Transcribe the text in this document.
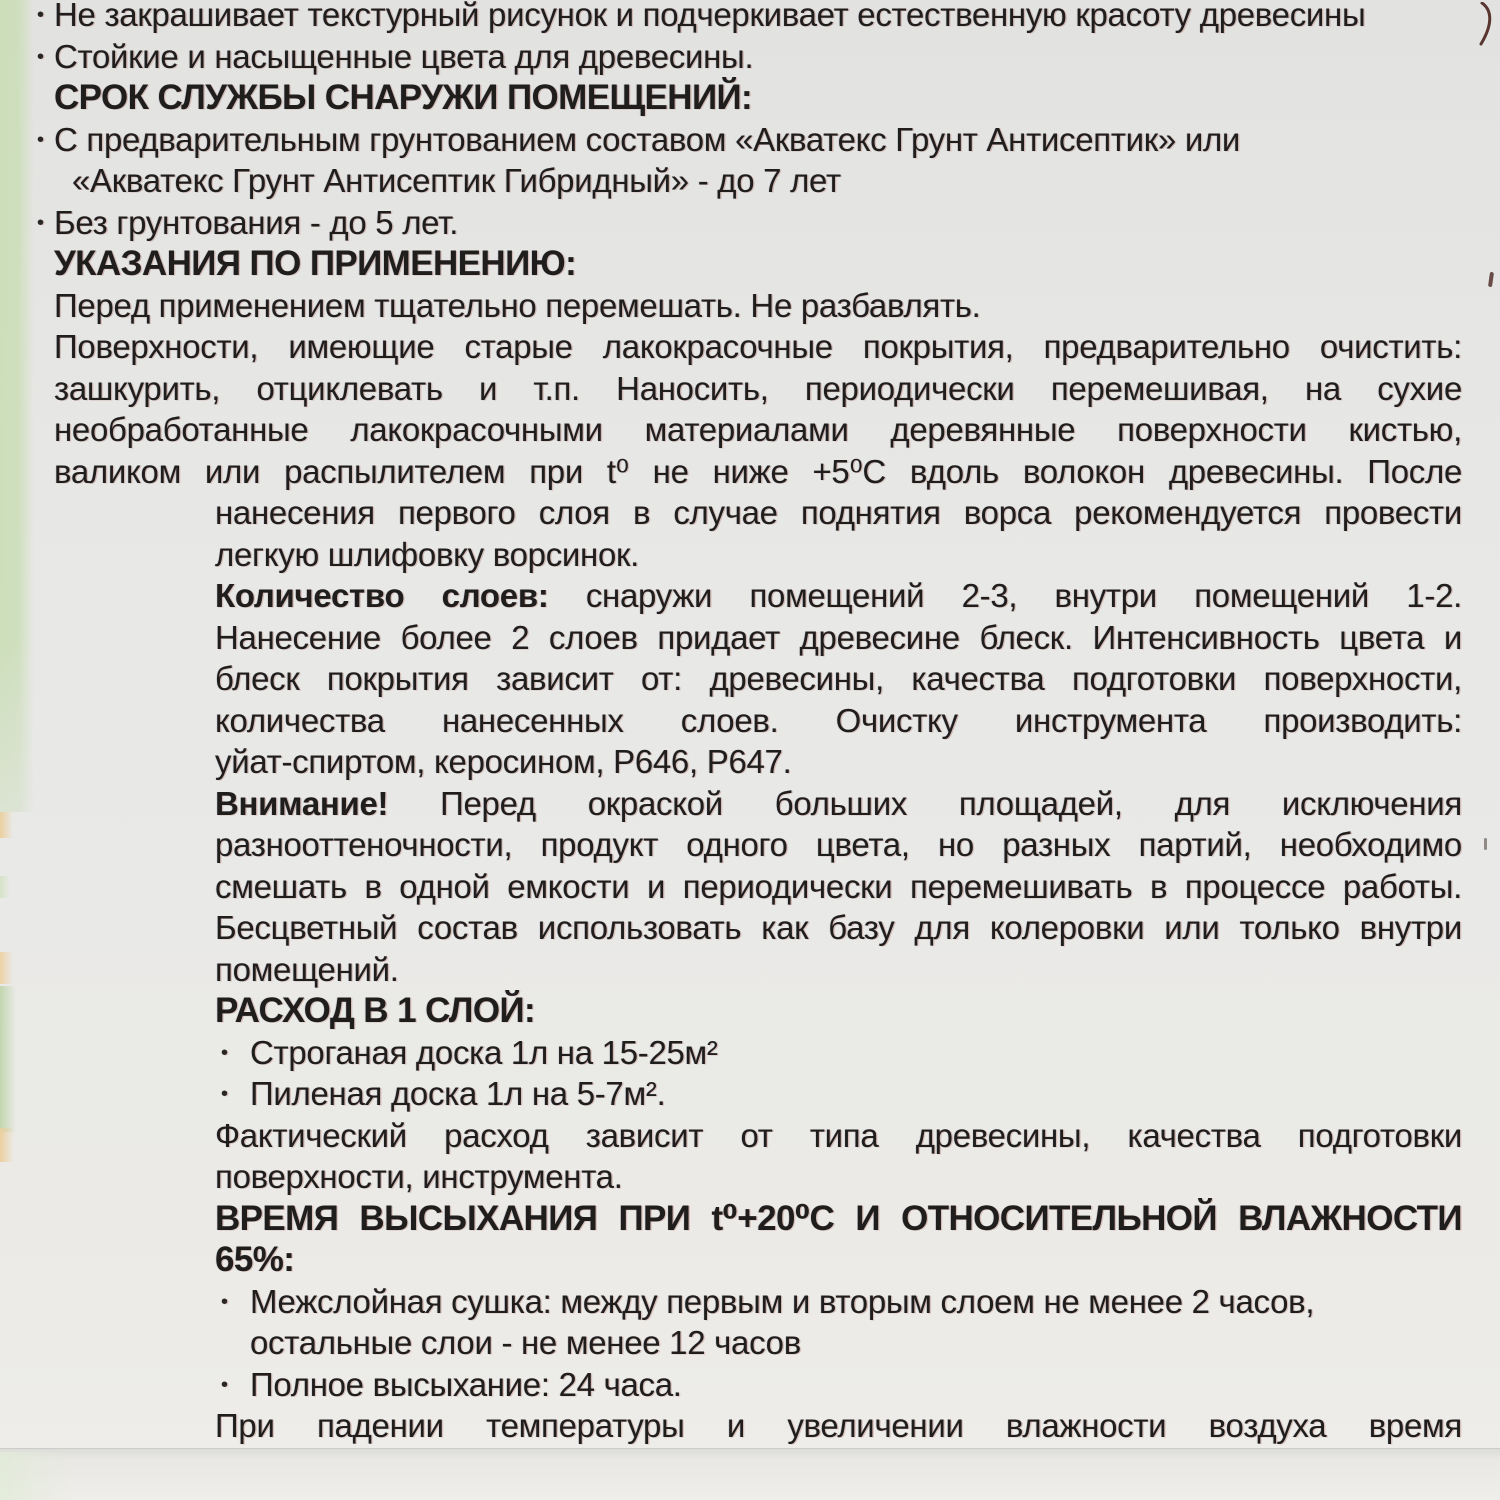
• Не закрашивает текстурный рисунок и подчеркивает естественную красоту древесины
• Стойкие и насыщенные цвета для древесины.
СРОК СЛУЖБЫ СНАРУЖИ ПОМЕЩЕНИЙ:
• С предварительным грунтованием составом «Акватекс Грунт Антисептик» или
«Акватекс Грунт Антисептик Гибридный» - до 7 лет
• Без грунтования - до 5 лет.
УКАЗАНИЯ ПО ПРИМЕНЕНИЮ:
Перед применением тщательно перемешать. Не разбавлять.
Поверхности, имеющие старые лакокрасочные покрытия, предварительно очистить:
зашкурить, отциклевать и т.п. Наносить, периодически перемешивая, на сухие
необработанные лакокрасочными материалами деревянные поверхности кистью,
валиком или распылителем при t⁰ не ниже +5⁰С вдоль волокон древесины. После
нанесения первого слоя в случае поднятия ворса рекомендуется провести
легкую шлифовку ворсинок.
Количество слоев: снаружи помещений 2-3, внутри помещений 1-2.
Нанесение более 2 слоев придает древесине блеск. Интенсивность цвета и
блеск покрытия зависит от: древесины, качества подготовки поверхности,
количества нанесенных слоев. Очистку инструмента производить:
уйат-спиртом, керосином, Р646, Р647.
Внимание! Перед окраской больших площадей, для исключения
разнооттеночности, продукт одного цвета, но разных партий, необходимо
смешать в одной емкости и периодически перемешивать в процессе работы.
Бесцветный состав использовать как базу для колеровки или только внутри
помещений.
РАСХОД В 1 СЛОЙ:
• Строганая доска 1л на 15-25м²
• Пиленая доска 1л на 5-7м².
Фактический расход зависит от типа древесины, качества подготовки
поверхности, инструмента.
ВРЕМЯ ВЫСЫХАНИЯ ПРИ t⁰+20⁰С И ОТНОСИТЕЛЬНОЙ ВЛАЖНОСТИ 65%:
• Межслойная сушка: между первым и вторым слоем не менее 2 часов,
остальные слои - не менее 12 часов
• Полное высыхание: 24 часа.
При падении температуры и увеличении влажности воздуха время
